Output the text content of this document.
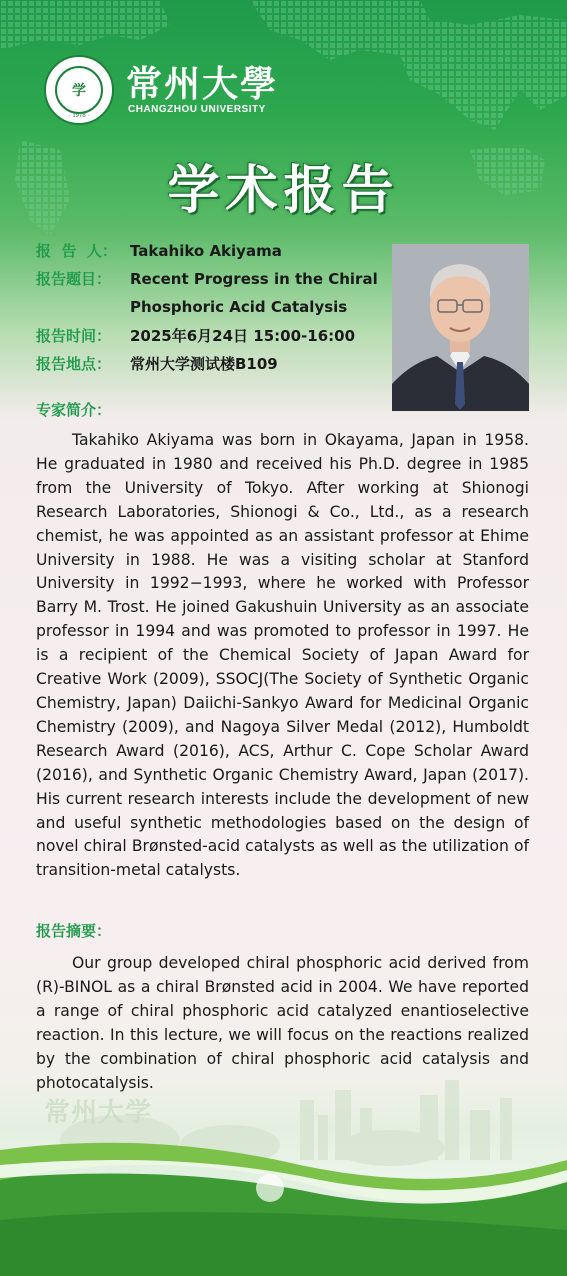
学
· 1978 ·
常州大學
CHANGZHOU UNIVERSITY
学术报告
报  告  人： Takahiko Akiyama
报告题目：	Recent Progress in the Chiral
Phosphoric Acid Catalysis
报告时间：	2025年6月24日 15:00-16:00
报告地点：	常州大学测试楼B109
专家简介：

Takahiko Akiyama was born in Okayama, Japan in 1958. He graduated in 1980 and received his Ph.D. degree in 1985 from the University of Tokyo. After working at Shionogi Research Laboratories, Shionogi & Co., Ltd., as a research chemist, he was appointed as an assistant professor at Ehime University in 1988. He was a visiting scholar at Stanford University in 1992−1993, where he worked with Professor Barry M. Trost. He joined Gakushuin University as an associate professor in 1994 and was promoted to professor in 1997. He is a recipient of the Chemical Society of Japan Award for Creative Work (2009), SSOCJ(The Society of Synthetic Organic Chemistry, Japan) Daiichi-Sankyo Award for Medicinal Organic Chemistry (2009), and Nagoya Silver Medal (2012), Humboldt Research Award (2016), ACS, Arthur C. Cope Scholar Award (2016), and Synthetic Organic Chemistry Award, Japan (2017). His current research interests include the development of new and useful synthetic methodologies based on the design of novel chiral Brønsted-acid catalysts as well as the utilization of transition-metal catalysts.

报告摘要：

Our group developed chiral phosphoric acid derived from (R)-BINOL as a chiral Brønsted acid in 2004. We have reported a range of chiral phosphoric acid catalyzed enantioselective reaction. In this lecture, we will focus on the reactions realized by the combination of chiral phosphoric acid catalysis and photocatalysis.

常州大学
